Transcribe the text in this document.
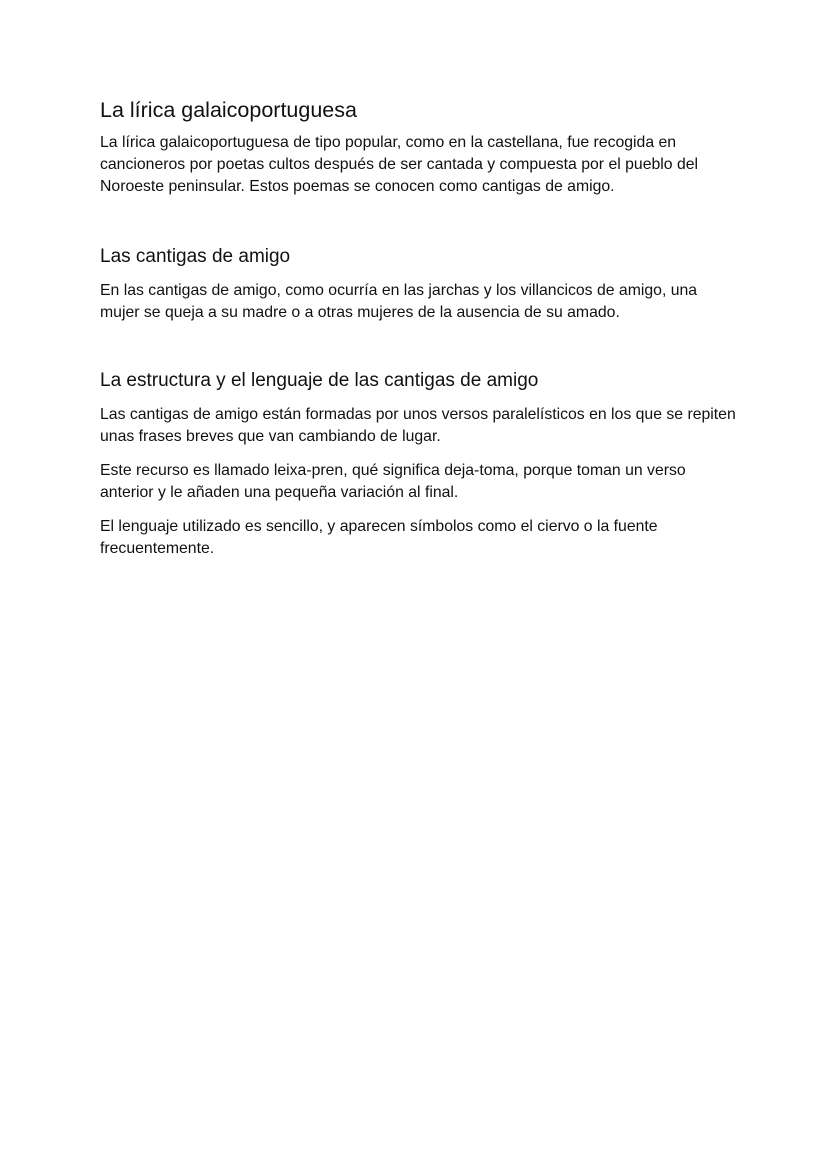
La lírica galaicoportuguesa

La lírica galaicoportuguesa de tipo popular, como en la castellana, fue recogida en cancioneros por poetas cultos después de ser cantada y compuesta por el pueblo del Noroeste peninsular. Estos poemas se conocen como cantigas de amigo.

Las cantigas de amigo

En las cantigas de amigo, como ocurría en las jarchas y los villancicos de amigo, una mujer se queja a su madre o a otras mujeres de la ausencia de su amado.

La estructura y el lenguaje de las cantigas de amigo

Las cantigas de amigo están formadas por unos versos paralelísticos en los que se repiten unas frases breves que van cambiando de lugar.

Este recurso es llamado leixa-pren, qué significa deja-toma, porque toman un verso anterior y le añaden una pequeña variación al final.

El lenguaje utilizado es sencillo, y aparecen símbolos como el ciervo o la fuente frecuentemente.
